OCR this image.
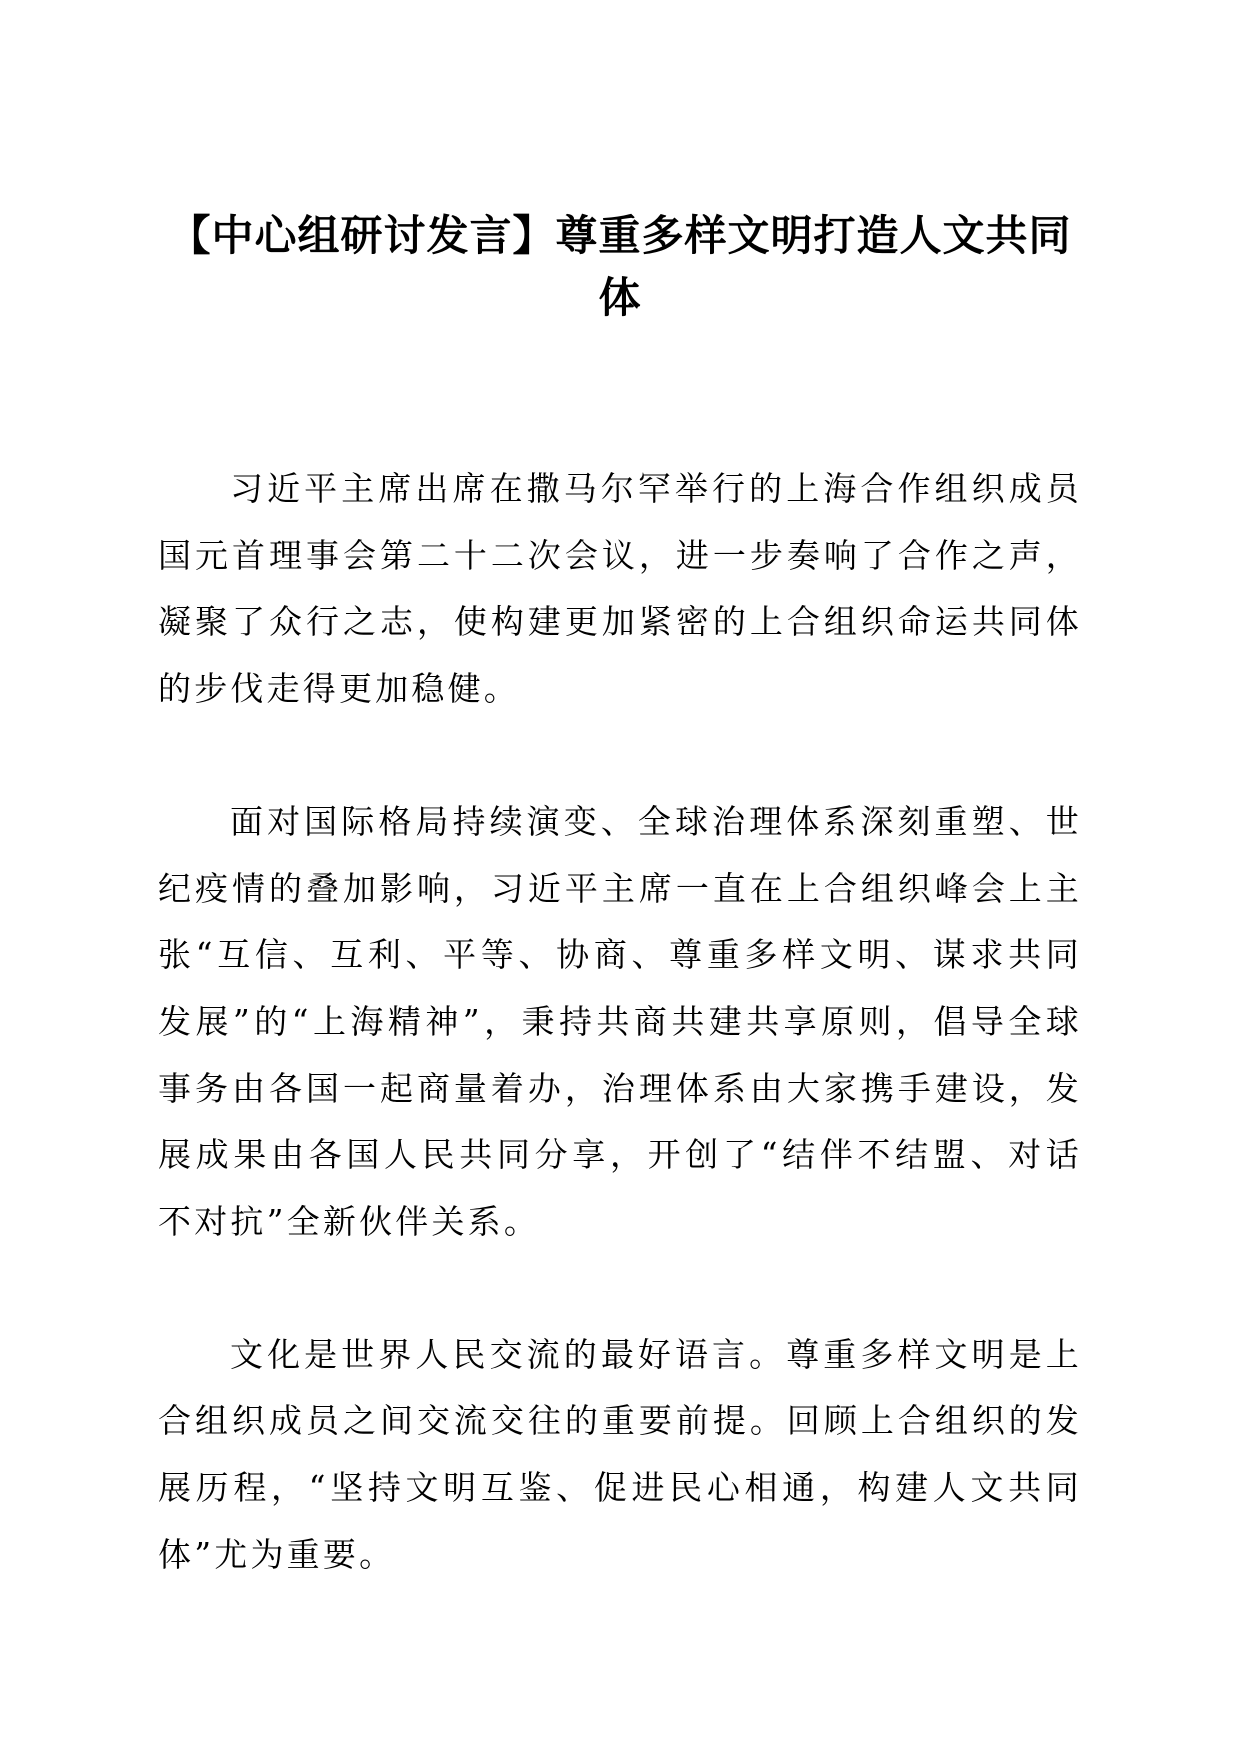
【中心组研讨发言】尊重多样文明打造人文共同体

习近平主席出席在撒马尔罕举行的上海合作组织成员国元首理事会第二十二次会议，进一步奏响了合作之声，凝聚了众行之志，使构建更加紧密的上合组织命运共同体的步伐走得更加稳健。

面对国际格局持续演变、全球治理体系深刻重塑、世纪疫情的叠加影响，习近平主席一直在上合组织峰会上主张“互信、互利、平等、协商、尊重多样文明、谋求共同发展”的“上海精神”，秉持共商共建共享原则，倡导全球事务由各国一起商量着办，治理体系由大家携手建设，发展成果由各国人民共同分享，开创了“结伴不结盟、对话不对抗”全新伙伴关系。

文化是世界人民交流的最好语言。尊重多样文明是上合组织成员之间交流交往的重要前提。回顾上合组织的发展历程，“坚持文明互鉴、促进民心相通，构建人文共同体”尤为重要。
